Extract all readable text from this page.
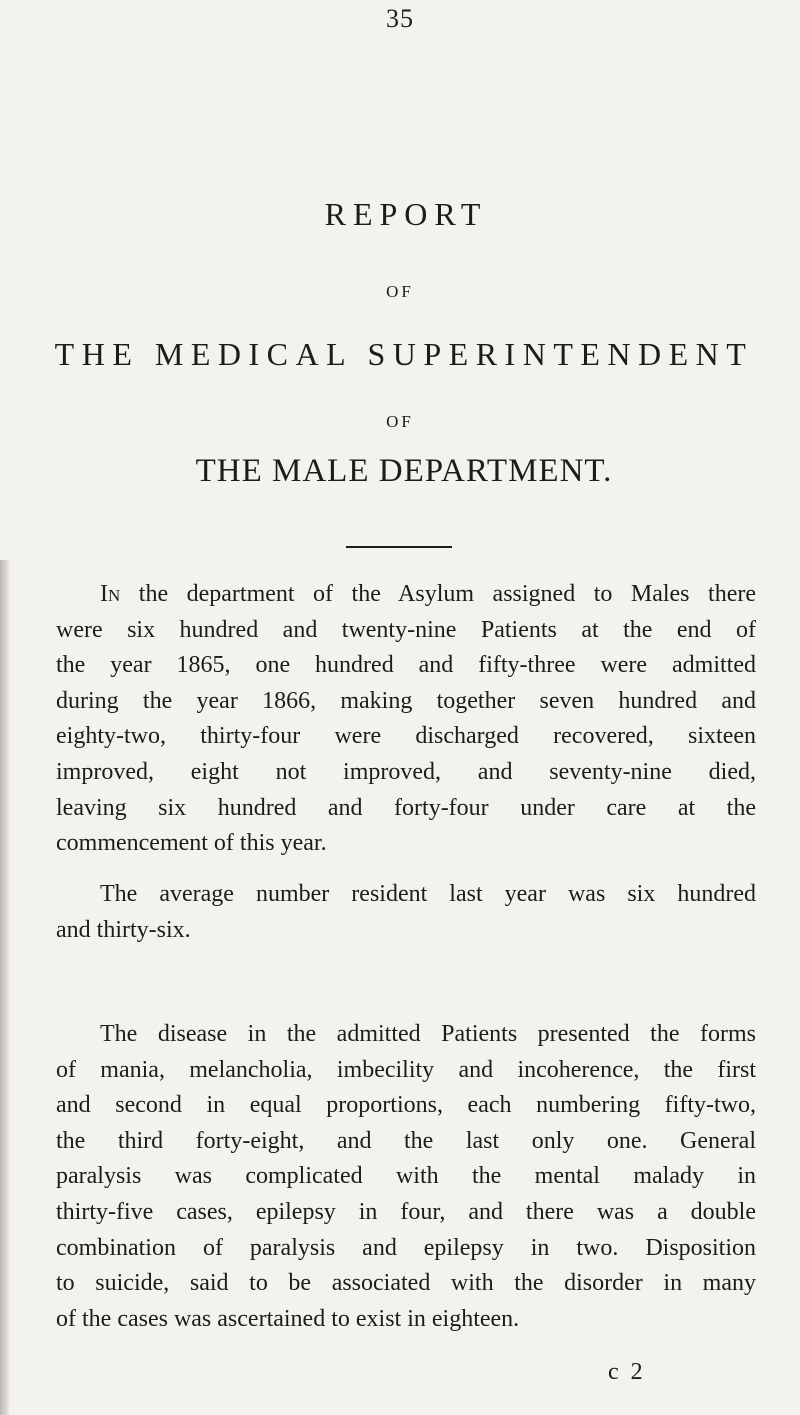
35
REPORT
OF
THE MEDICAL SUPERINTENDENT
OF
THE MALE DEPARTMENT.
In the department of the Asylum assigned to Males there
were six hundred and twenty-nine Patients at the end of
the year 1865, one hundred and fifty-three were admitted
during the year 1866, making together seven hundred and
eighty-two, thirty-four were discharged recovered, sixteen
improved, eight not improved, and seventy-nine died,
leaving six hundred and forty-four under care at the
commencement of this year.
The average number resident last year was six hundred
and thirty-six.
The disease in the admitted Patients presented the forms
of mania, melancholia, imbecility and incoherence, the first
and second in equal proportions, each numbering fifty-two,
the third forty-eight, and the last only one. General
paralysis was complicated with the mental malady in
thirty-five cases, epilepsy in four, and there was a double
combination of paralysis and epilepsy in two. Disposition
to suicide, said to be associated with the disorder in many
of the cases was ascertained to exist in eighteen.
c 2
